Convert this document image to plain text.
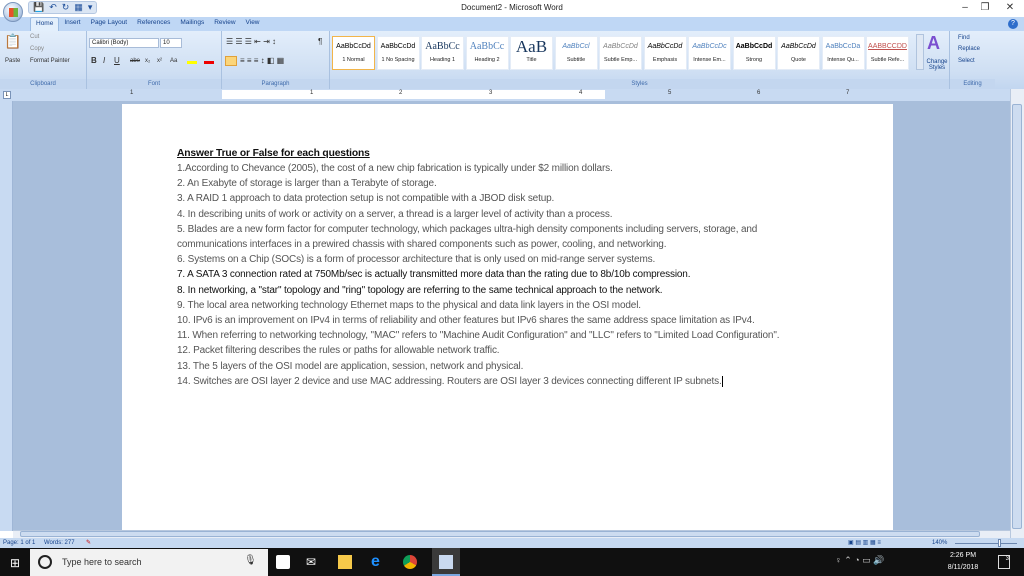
💾 ↶ ↻ ▦ ▾	Document2 - Microsoft Word	–	❐	✕
Home	Insert	Page Layout	References	Mailings	Review	View	?
📋
Paste
Cut
Copy
Format Painter
Clipboard
Calibri (Body)	10
B I U abe x₂ x² Aa
Font
☰ ☰ ☰ ⇤ ⇥ ↕	¶
≡ ≡ ≡ ↕ ◧ ▦
Paragraph
AaBbCcDd
1 Normal
AaBbCcDd
1 No Spacing
AaBbCc
Heading 1
AaBbCc
Heading 2
AaB
Title
AaBbCcl
Subtitle
AaBbCcDd
Subtle Emp...
AaBbCcDd
Emphasis
AaBbCcDc
Intense Em...
AaBbCcDd
Strong
AaBbCcDd
Quote
AaBbCcDa
Intense Qu...
AABBCCDD
Subtle Refe...
A
Change Styles
Styles
Find
Replace
Select
Editing
L	1	1	2	3	4	5	6	7
Answer True or False for each questions
1.According to Chevance (2005), the cost of a new chip fabrication is typically under $2 million dollars.
2. An Exabyte of storage is larger than a Terabyte of storage.
3. A RAID 1 approach to data protection setup is not compatible with a JBOD disk setup.
4. In describing units of work or activity on a server, a thread is a larger level of activity than a process.
5. Blades are a new form factor for computer technology, which packages ultra-high density components including servers, storage, and communications interfaces in a prewired chassis with shared components such as power, cooling, and networking.
6. Systems on a Chip (SOCs) is a form of processor architecture that is only used on mid-range server systems.
7. A SATA 3 connection rated at 750Mb/sec is actually transmitted more data than the rating due to 8b/10b compression.
8. In networking, a "star" topology and "ring" topology are referring to the same technical approach to the network.
9. The local area networking technology Ethernet maps to the physical and data link layers in the OSI model.
10. IPv6 is an improvement on IPv4 in terms of reliability and other features but IPv6 shares the same address space limitation as IPv4.
11. When referring to networking technology, "MAC" refers to "Machine Audit Configuration" and "LLC" refers to "Limited Load Configuration".
12. Packet filtering describes the rules or paths for allowable network traffic.
13. The 5 layers of the OSI model are application, session, network and physical.
14. Switches are OSI layer 2 device and use MAC addressing. Routers are OSI layer 3 devices connecting different IP subnets.
Page: 1 of 1 Words: 277 ✎	▣ ▤ ▥ ▦ ≡	140%
⊞	Type here to search	🎙	✉	e	♀ ⌃ ◔ ▭ 🔊	2:26 PM
8/11/2018
3
